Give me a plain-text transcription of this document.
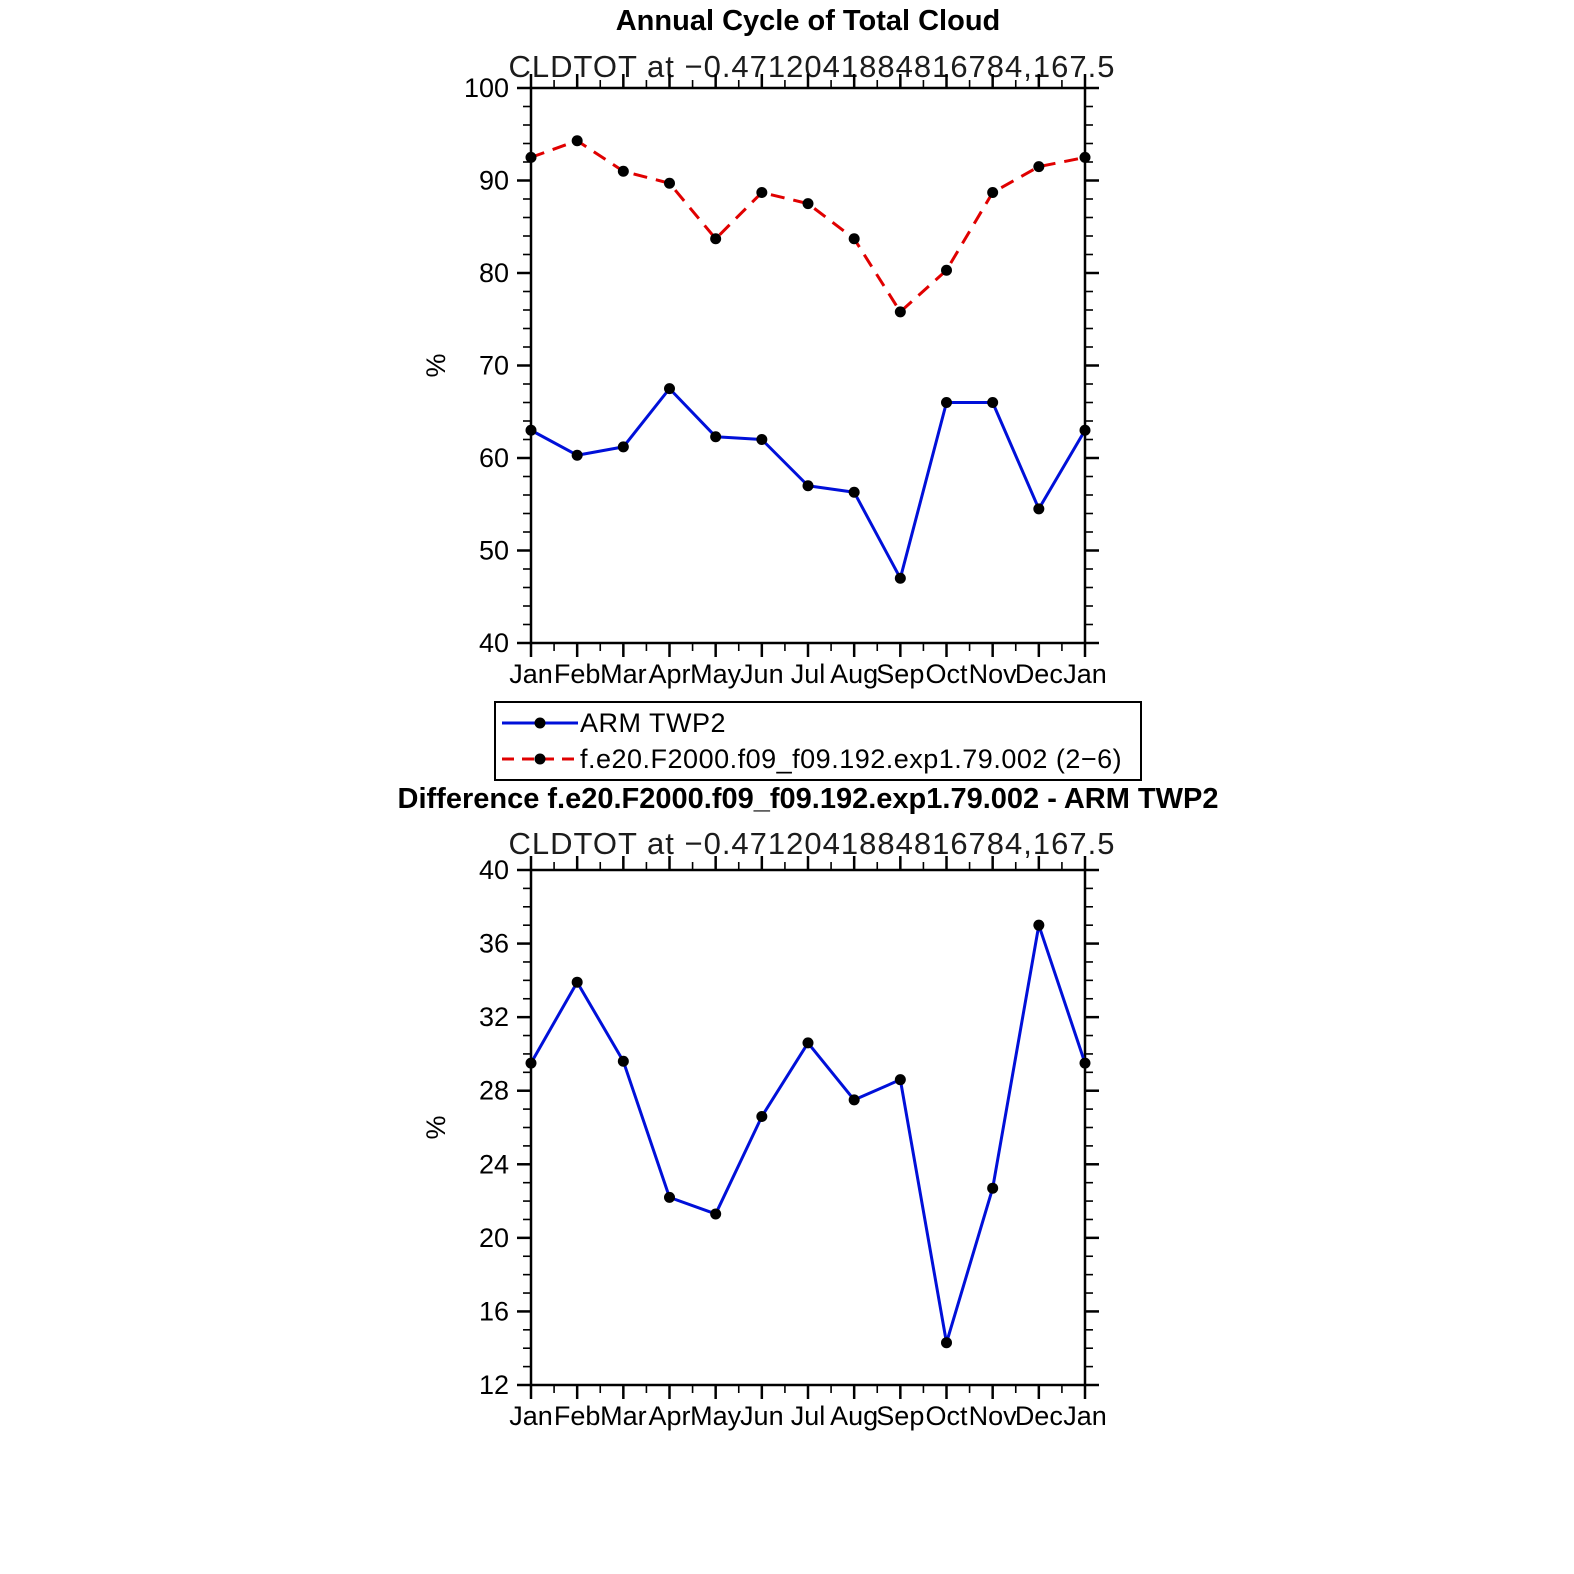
Annual Cycle of Total Cloud
CLDTOT at −0.4712041884816784,167.5
40
50
60
70
80
90
100
Jan Feb Mar Apr May
Jun Jul Aug
Sep Oct Nov
Dec Jan
%
ARM TWP2
f.e20.F2000.f09_f09.192.exp1.79.002 (2−6)
Difference f.e20.F2000.f09_f09.192.exp1.79.002 - ARM TWP2
CLDTOT at −0.4712041884816784,167.5
12
16
20
24
28
32
36
40
Jan Feb Mar Apr May
Jun Jul Aug
Sep Oct Nov
Dec Jan
%
